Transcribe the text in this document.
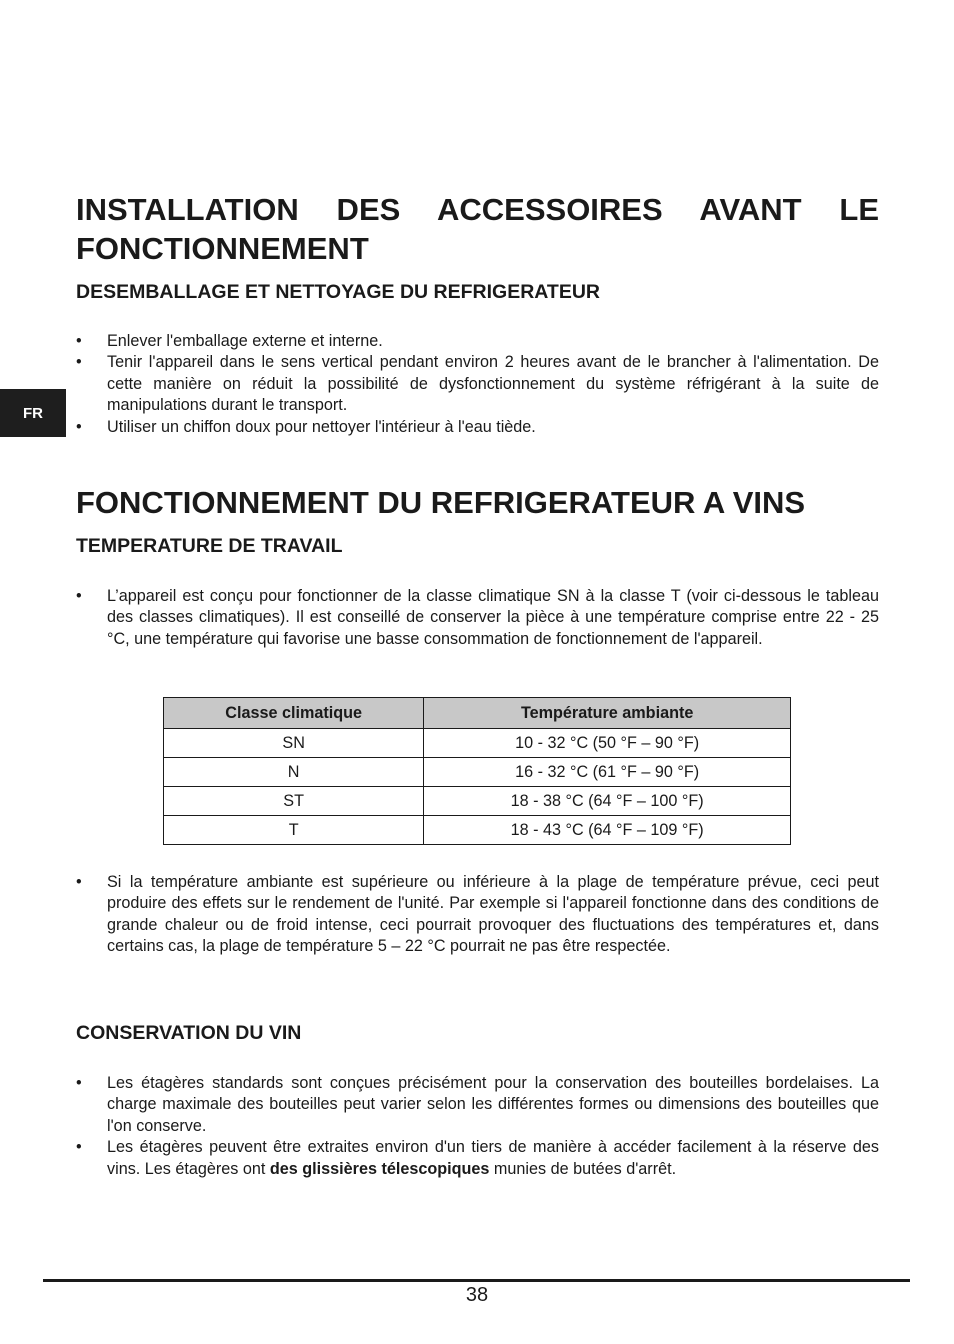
INSTALLATION DES ACCESSOIRES AVANT LE FONCTIONNEMENT
DESEMBALLAGE ET NETTOYAGE DU REFRIGERATEUR
• Enlever l'emballage externe et interne.
• Tenir l'appareil dans le sens vertical pendant environ 2 heures avant de le brancher à l'alimentation. De cette manière on réduit la possibilité de dysfonctionnement du système réfrigérant à la suite de manipulations durant le transport.
• Utiliser un chiffon doux pour nettoyer l'intérieur à l'eau tiède.
FR
FONCTIONNEMENT DU REFRIGERATEUR A VINS
TEMPERATURE DE TRAVAIL
• L’appareil est conçu pour fonctionner de la classe climatique SN à la classe T (voir ci-dessous le tableau des classes climatiques). Il est conseillé de conserver la pièce à une température comprise entre 22 - 25 °C, une température qui favorise une basse consommation de fonctionnement de l'appareil.
Classe climatique	Température ambiante
SN	10 - 32 °C (50 °F – 90 °F)
N	16 - 32 °C (61 °F – 90 °F)
ST	18 - 38 °C (64 °F – 100 °F)
T	18 - 43 °C (64 °F – 109 °F)
• Si la température ambiante est supérieure ou inférieure à la plage de température prévue, ceci peut produire des effets sur le rendement de l'unité. Par exemple si l'appareil fonctionne dans des conditions de grande chaleur ou de froid intense, ceci pourrait provoquer des fluctuations des températures et, dans certains cas, la plage de température 5 – 22 °C pourrait ne pas être respectée.
CONSERVATION DU VIN
• Les étagères standards sont conçues précisément pour la conservation des bouteilles bordelaises. La charge maximale des bouteilles peut varier selon les différentes formes ou dimensions des bouteilles que l'on conserve.
• Les étagères peuvent être extraites environ d'un tiers de manière à accéder facilement à la réserve des vins. Les étagères ont des glissières télescopiques munies de butées d'arrêt.
38
